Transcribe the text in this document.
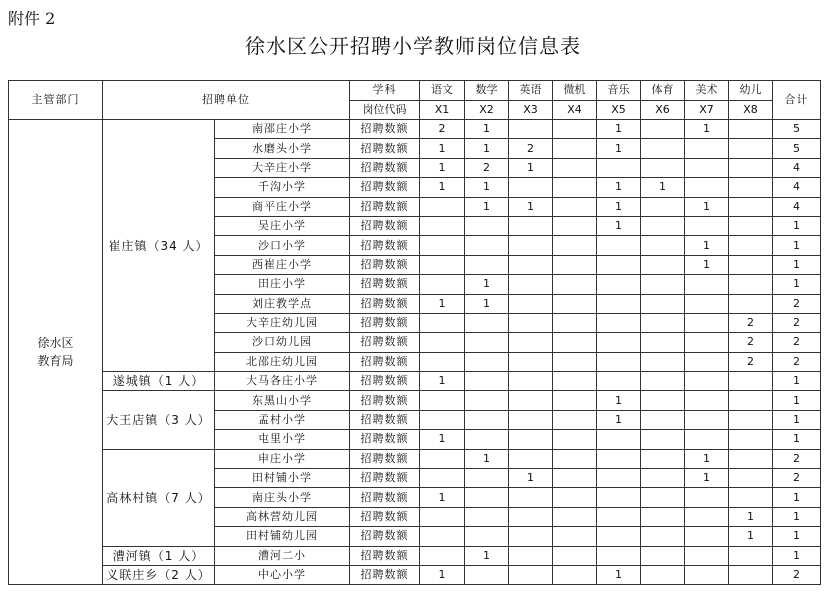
附件 2
徐水区公开招聘小学教师岗位信息表
主管部门	招聘单位		学科	语文	数学	英语	微机	音乐	体育	美术	幼儿	合计
			岗位代码	X1	X2	X3	X4	X5	X6	X7	X8	
徐水区
教育局	崔庄镇（34 人）	南邵庄小学	招聘数额	2	1			1		1		5
		水磨头小学	招聘数额	1	1	2		1				5
		大辛庄小学	招聘数额	1	2	1						4
		千沟小学	招聘数额	1	1			1	1			4
		商平庄小学	招聘数额		1	1		1		1		4
		吴庄小学	招聘数额					1				1
		沙口小学	招聘数额							1		1
		西崔庄小学	招聘数额							1		1
		田庄小学	招聘数额		1							1
		刘庄教学点	招聘数额	1	1							2
		大辛庄幼儿园	招聘数额								2	2
		沙口幼儿园	招聘数额								2	2
		北邵庄幼儿园	招聘数额								2	2
	遂城镇（1 人）	大马各庄小学	招聘数额	1								1
	大王店镇（3 人）	东黑山小学	招聘数额					1				1
		孟村小学	招聘数额					1				1
		屯里小学	招聘数额	1								1
	高林村镇（7 人）	申庄小学	招聘数额		1					1		2
		田村铺小学	招聘数额			1				1		2
		南庄头小学	招聘数额	1								1
		高林营幼儿园	招聘数额								1	1
		田村铺幼儿园	招聘数额								1	1
	漕河镇（1 人）	漕河二小	招聘数额		1							1
	义联庄乡（2 人）	中心小学	招聘数额	1				1				2
